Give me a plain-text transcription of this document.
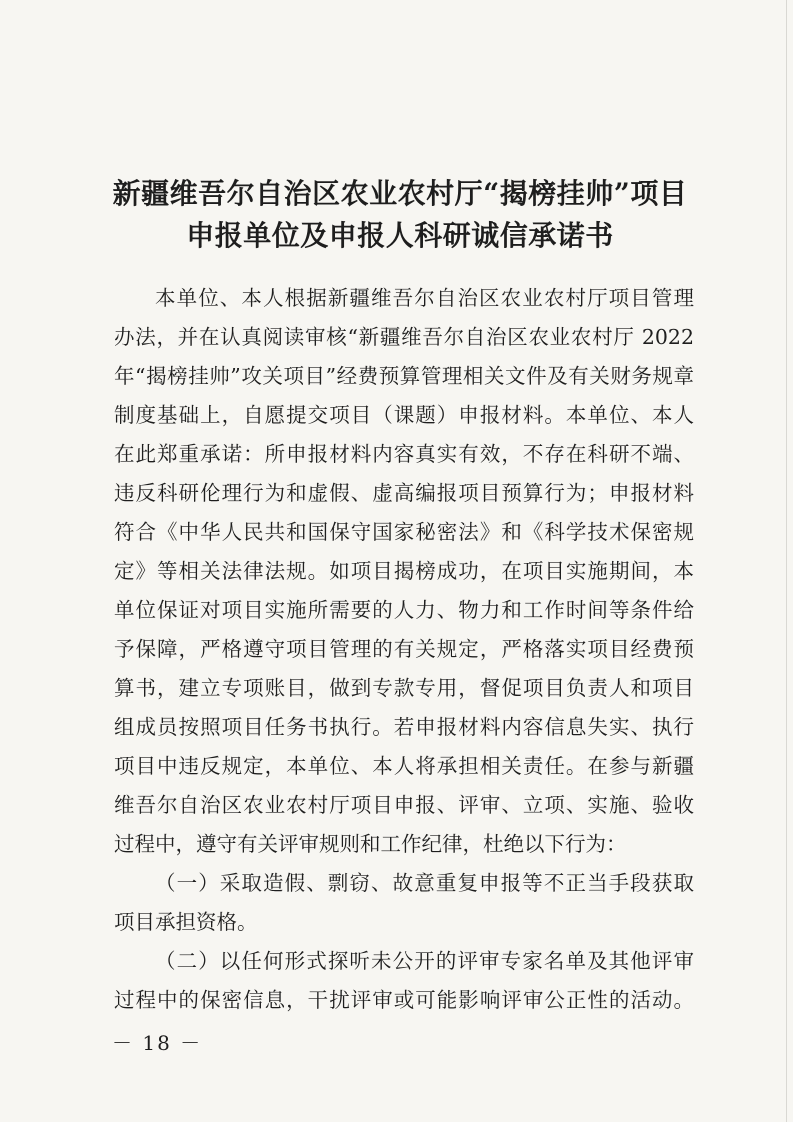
新疆维吾尔自治区农业农村厅“揭榜挂帅”项目
申报单位及申报人科研诚信承诺书
本单位、本人根据新疆维吾尔自治区农业农村厅项目管理
办法，并在认真阅读审核“新疆维吾尔自治区农业农村厅 2022
年“揭榜挂帅”攻关项目”经费预算管理相关文件及有关财务规章
制度基础上，自愿提交项目（课题）申报材料。本单位、本人
在此郑重承诺：所申报材料内容真实有效，不存在科研不端、
违反科研伦理行为和虚假、虚高编报项目预算行为；申报材料
符合《中华人民共和国保守国家秘密法》和《科学技术保密规
定》等相关法律法规。如项目揭榜成功，在项目实施期间，本
单位保证对项目实施所需要的人力、物力和工作时间等条件给
予保障，严格遵守项目管理的有关规定，严格落实项目经费预
算书，建立专项账目，做到专款专用，督促项目负责人和项目
组成员按照项目任务书执行。若申报材料内容信息失实、执行
项目中违反规定，本单位、本人将承担相关责任。在参与新疆
维吾尔自治区农业农村厅项目申报、评审、立项、实施、验收
过程中，遵守有关评审规则和工作纪律，杜绝以下行为：
（一）采取造假、剽窃、故意重复申报等不正当手段获取
项目承担资格。
（二）以任何形式探听未公开的评审专家名单及其他评审
过程中的保密信息，干扰评审或可能影响评审公正性的活动。
－ 18 －
